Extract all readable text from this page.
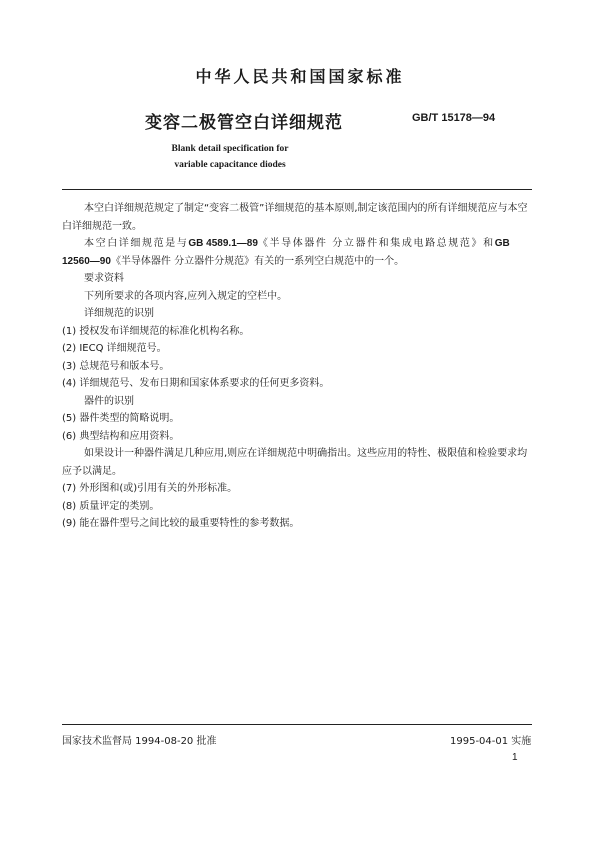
中华人民共和国国家标准
变容二极管空白详细规范	GB/T 15178—94
Blank detail specification for
variable capacitance diodes

本空白详细规范规定了制定“变容二极管”详细规范的基本原则,制定该范围内的所有详细规范应与本空白详细规范一致。

本空白详细规范是与GB 4589.1—89《半导体器件 分立器件和集成电路总规范》和GB 12560—90《半导体器件 分立器件分规范》有关的一系列空白规范中的一个。

要求资料

下列所要求的各项内容,应列入规定的空栏中。

详细规范的识别

(1) 授权发布详细规范的标准化机构名称。

(2) IECQ 详细规范号。

(3) 总规范号和版本号。

(4) 详细规范号、发布日期和国家体系要求的任何更多资料。

器件的识别

(5) 器件类型的简略说明。

(6) 典型结构和应用资料。

如果设计一种器件满足几种应用,则应在详细规范中明确指出。这些应用的特性、极限值和检验要求均应予以满足。

(7) 外形图和(或)引用有关的外形标准。

(8) 质量评定的类别。

(9) 能在器件型号之间比较的最重要特性的参考数据。

国家技术监督局 1994-08-20 批准	1995-04-01 实施
1
